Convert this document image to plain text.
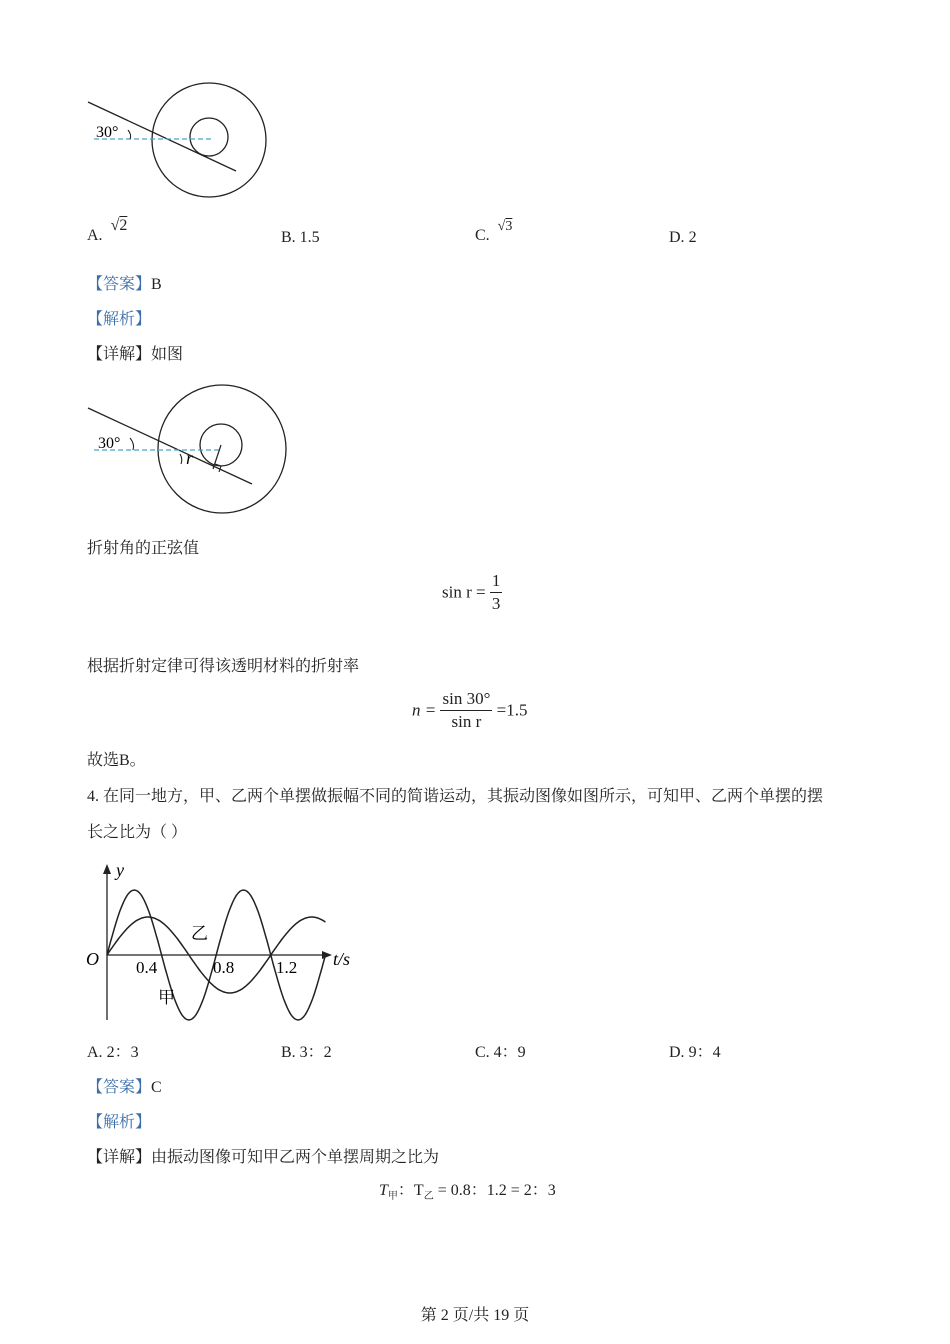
30°
A. √2
B. 1.5	C. √3
D. 2
【答案】B
【解析】
【详解】如图
30°
r
折射角的正弦值
$\sin r = \frac{1}{3}$
根据折射定律可得该透明材料的折射率
$n = \frac{\sin 30^\circ}{\text{sin r}} =1.5$
故选B。
4. 在同一地方，甲、乙两个单摆做振幅不同的简谐运动，其振动图像如图所示，可知甲、乙两个单摆的摆
长之比为（ ）
y
t/s
O 0.4	0.8 1.2
乙
甲
A. 2：3	B. 3：2	C. 4：9	D. 9：4
【答案】C
【解析】
【详解】由振动图像可知甲乙两个单摆周期之比为
$T_甲$：$T_乙 = 0.8$：1.2 = 2：3
第 2 页/共 19 页
